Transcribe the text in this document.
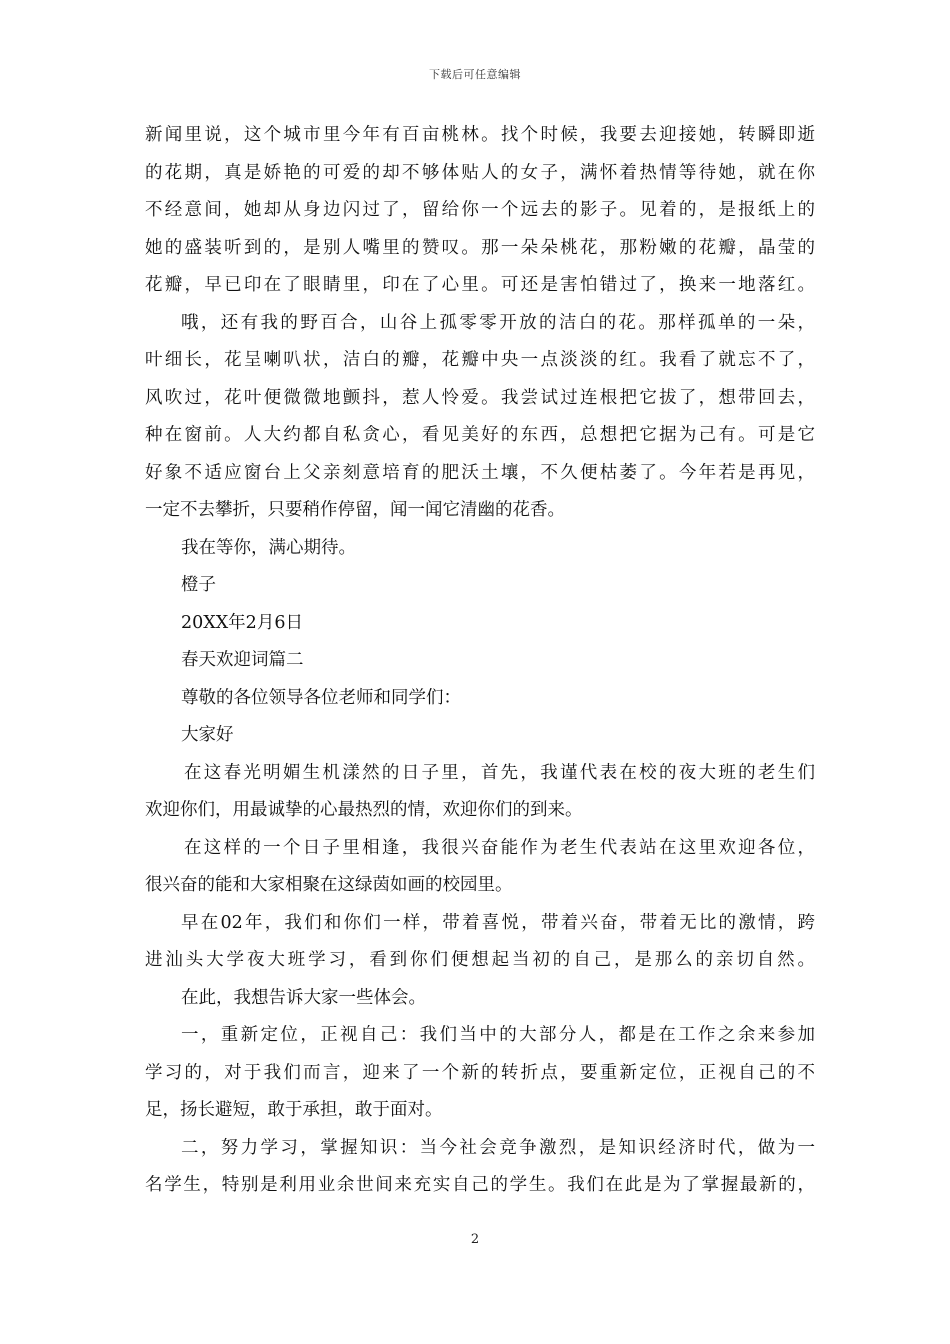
下载后可任意编辑
新闻里说，这个城市里今年有百亩桃林。找个时候，我要去迎接她，转瞬即逝
的花期，真是娇艳的可爱的却不够体贴人的女子，满怀着热情等待她，就在你
不经意间，她却从身边闪过了，留给你一个远去的影子。见着的，是报纸上的
她的盛装听到的，是别人嘴里的赞叹。那一朵朵桃花，那粉嫩的花瓣，晶莹的
花瓣，早已印在了眼睛里，印在了心里。可还是害怕错过了，换来一地落红。
哦，还有我的野百合，山谷上孤零零开放的洁白的花。那样孤单的一朵，
叶细长，花呈喇叭状，洁白的瓣，花瓣中央一点淡淡的红。我看了就忘不了，
风吹过，花叶便微微地颤抖，惹人怜爱。我尝试过连根把它拔了，想带回去，
种在窗前。人大约都自私贪心，看见美好的东西，总想把它据为己有。可是它
好象不适应窗台上父亲刻意培育的肥沃土壤，不久便枯萎了。今年若是再见，
一定不去攀折，只要稍作停留，闻一闻它清幽的花香。
我在等你，满心期待。
橙子
20XX年2月6日
春天欢迎词篇二
尊敬的各位领导各位老师和同学们：
大家好
在这春光明媚生机漾然的日子里，首先，我谨代表在校的夜大班的老生们
欢迎你们，用最诚挚的心最热烈的情，欢迎你们的到来。
在这样的一个日子里相逢，我很兴奋能作为老生代表站在这里欢迎各位，
很兴奋的能和大家相聚在这绿茵如画的校园里。
早在02年，我们和你们一样，带着喜悦，带着兴奋，带着无比的激情，跨
进汕头大学夜大班学习，看到你们便想起当初的自己，是那么的亲切自然。
在此，我想告诉大家一些体会。
一，重新定位，正视自己：我们当中的大部分人，都是在工作之余来参加
学习的，对于我们而言，迎来了一个新的转折点，要重新定位，正视自己的不
足，扬长避短，敢于承担，敢于面对。
二，努力学习，掌握知识：当今社会竞争激烈，是知识经济时代，做为一
名学生，特别是利用业余世间来充实自己的学生。我们在此是为了掌握最新的，
2
